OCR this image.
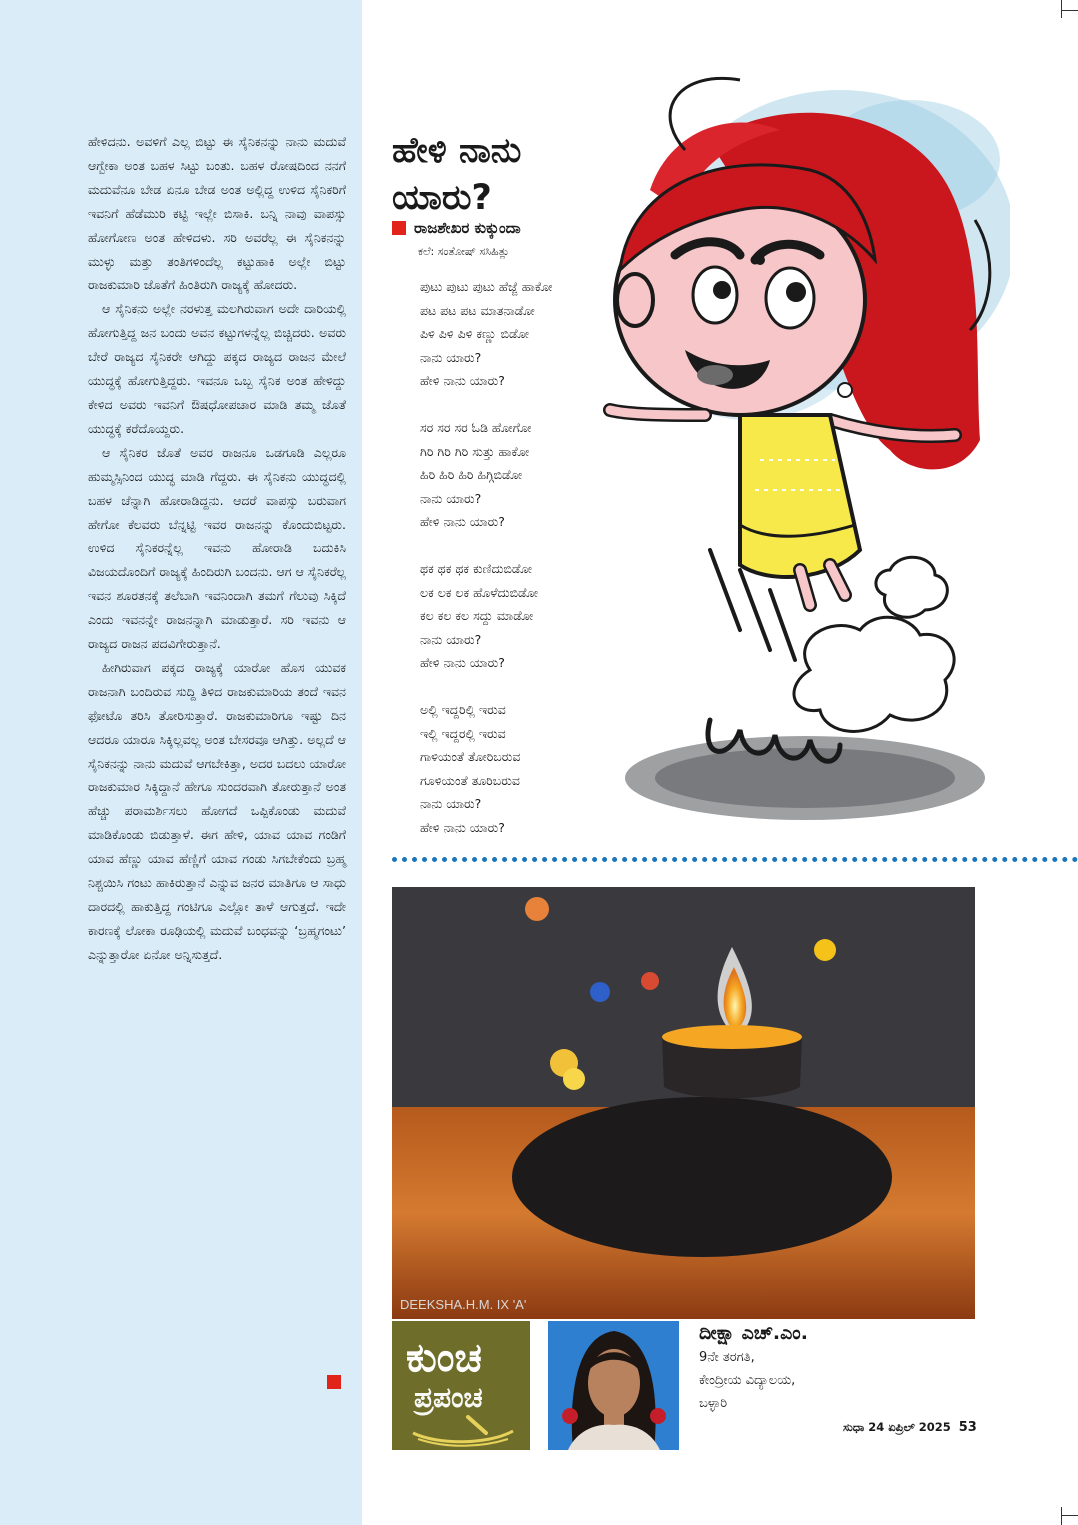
ಹೇಳಿದನು. ಅವಳಿಗೆ ಎಲ್ಲ ಬಿಟ್ಟು ಈ ಸೈನಿಕನನ್ನು ನಾನು ಮದುವೆ ಆಗ್ಬೇಕಾ ಅಂತ ಬಹಳ ಸಿಟ್ಟು ಬಂತು. ಬಹಳ ರೋಷದಿಂದ ನನಗೆ ಮದುವೆನೂ ಬೇಡ ಏನೂ ಬೇಡ ಅಂತ ಅಲ್ಲಿದ್ದ ಉಳಿದ ಸೈನಿಕರಿಗೆ ಇವನಿಗೆ ಹೆಡೆಮುರಿ ಕಟ್ಟಿ ಇಲ್ಲೇ ಬಿಸಾಕಿ. ಬನ್ನಿ ನಾವು ವಾಪಸ್ಸು ಹೋಗೋಣ ಅಂತ ಹೇಳಿದಳು. ಸರಿ ಅವರೆಲ್ಲ ಈ ಸೈನಿಕನನ್ನು ಮುಳ್ಳು ಮತ್ತು ತಂತಿಗಳಿಂದೆಲ್ಲ ಕಟ್ಟುಹಾಕಿ ಅಲ್ಲೇ ಬಿಟ್ಟು ರಾಜಕುಮಾರಿ ಜೊತೆಗೆ ಹಿಂತಿರುಗಿ ರಾಜ್ಯಕ್ಕೆ ಹೋದರು.

ಆ ಸೈನಿಕನು ಅಲ್ಲೇ ನರಳುತ್ತ ಮಲಗಿರುವಾಗ ಅದೇ ದಾರಿಯಲ್ಲಿ ಹೋಗುತ್ತಿದ್ದ ಜನ ಬಂದು ಅವನ ಕಟ್ಟುಗಳನ್ನೆಲ್ಲ ಬಿಚ್ಚಿದರು. ಅವರು ಬೇರೆ ರಾಜ್ಯದ ಸೈನಿಕರೇ ಆಗಿದ್ದು ಪಕ್ಕದ ರಾಜ್ಯದ ರಾಜನ ಮೇಲೆ ಯುದ್ಧಕ್ಕೆ ಹೋಗುತ್ತಿದ್ದರು. ಇವನೂ ಒಬ್ಬ ಸೈನಿಕ ಅಂತ ಹೇಳಿದ್ದು ಕೇಳಿದ ಅವರು ಇವನಿಗೆ ಔಷಧೋಪಚಾರ ಮಾಡಿ ತಮ್ಮ ಜೊತೆ ಯುದ್ಧಕ್ಕೆ ಕರೆದೊಯ್ದರು.

ಆ ಸೈನಿಕರ ಜೊತೆ ಅವರ ರಾಜನೂ ಒಡಗೂಡಿ ಎಲ್ಲರೂ ಹುಮ್ಮಸ್ಸಿನಿಂದ ಯುದ್ಧ ಮಾಡಿ ಗೆದ್ದರು. ಈ ಸೈನಿಕನು ಯುದ್ಧದಲ್ಲಿ ಬಹಳ ಚೆನ್ನಾಗಿ ಹೋರಾಡಿದ್ದನು. ಆದರೆ ವಾಪಸ್ಸು ಬರುವಾಗ ಹೇಗೋ ಕೆಲವರು ಬೆನ್ನಟ್ಟಿ ಇವರ ರಾಜನನ್ನು ಕೊಂದುಬಿಟ್ಟರು. ಉಳಿದ ಸೈನಿಕರನ್ನೆಲ್ಲ ಇವನು ಹೋರಾಡಿ ಬದುಕಿಸಿ ವಿಜಯದೊಂದಿಗೆ ರಾಜ್ಯಕ್ಕೆ ಹಿಂದಿರುಗಿ ಬಂದನು. ಆಗ ಆ ಸೈನಿಕರೆಲ್ಲ ಇವನ ಶೂರತನಕ್ಕೆ ತಲೆಬಾಗಿ ಇವನಿಂದಾಗಿ ತಮಗೆ ಗೆಲುವು ಸಿಕ್ಕಿದೆ ಎಂದು ಇವನನ್ನೇ ರಾಜನನ್ನಾಗಿ ಮಾಡುತ್ತಾರೆ. ಸರಿ ಇವನು ಆ ರಾಜ್ಯದ ರಾಜನ ಪದವಿಗೇರುತ್ತಾನೆ.

ಹೀಗಿರುವಾಗ ಪಕ್ಕದ ರಾಜ್ಯಕ್ಕೆ ಯಾರೋ ಹೊಸ ಯುವಕ ರಾಜನಾಗಿ ಬಂದಿರುವ ಸುದ್ದಿ ತಿಳಿದ ರಾಜಕುಮಾರಿಯ ತಂದೆ ಇವನ ಫೋಟೊ ತರಿಸಿ ತೋರಿಸುತ್ತಾರೆ. ರಾಜಕುಮಾರಿಗೂ ಇಷ್ಟು ದಿನ ಆದರೂ ಯಾರೂ ಸಿಕ್ಕಿಲ್ಲವಲ್ಲ ಅಂತ ಬೇಸರವೂ ಆಗಿತ್ತು. ಅಲ್ಲದೆ ಆ ಸೈನಿಕನನ್ನು ನಾನು ಮದುವೆ ಆಗಬೇಕಿತ್ತಾ, ಅದರ ಬದಲು ಯಾರೋ ರಾಜಕುಮಾರ ಸಿಕ್ಕಿದ್ದಾನೆ ಹೇಗೂ ಸುಂದರವಾಗಿ ತೋರುತ್ತಾನೆ ಅಂತ ಹೆಚ್ಚು ಪರಾಮರ್ಶಿಸಲು ಹೋಗದೆ ಒಪ್ಪಿಕೊಂಡು ಮದುವೆ ಮಾಡಿಕೊಂಡು ಬಿಡುತ್ತಾಳೆ. ಈಗ ಹೇಳಿ, ಯಾವ ಯಾವ ಗಂಡಿಗೆ ಯಾವ ಹೆಣ್ಣು ಯಾವ ಹೆಣ್ಣಿಗೆ ಯಾವ ಗಂಡು ಸಿಗಬೇಕೆಂದು ಬ್ರಹ್ಮ ನಿಶ್ಚಯಿಸಿ ಗಂಟು ಹಾಕಿರುತ್ತಾನೆ ಎನ್ನುವ ಜನರ ಮಾತಿಗೂ ಆ ಸಾಧು ದಾರದಲ್ಲಿ ಹಾಕುತ್ತಿದ್ದ ಗಂಟಿಗೂ ಎಲ್ಲೋ ತಾಳೆ ಆಗುತ್ತದೆ. ಇದೇ ಕಾರಣಕ್ಕೆ ಲೋಕಾ ರೂಢಿಯಲ್ಲಿ ಮದುವೆ ಬಂಧವನ್ನು ‘ಬ್ರಹ್ಮಗಂಟು’ ಎನ್ನುತ್ತಾರೋ ಏನೋ ಅನ್ನಿಸುತ್ತದೆ.

ಹೇಳಿ ನಾನು
ಯಾರು?
ರಾಜಶೇಖರ ಕುಕ್ಕುಂದಾ
ಕಲೆ: ಸಂತೋಷ್ ಸಸಿಹಿತ್ಲು
ಪುಟು ಪುಟು ಪುಟು ಹೆಜ್ಜೆ ಹಾಕೋ
ಪಟ ಪಟ ಪಟ ಮಾತನಾಡೋ
ಪಿಳಿ ಪಿಳಿ ಪಿಳಿ ಕಣ್ಣು ಬಿಡೋ
ನಾನು ಯಾರು?
ಹೇಳಿ ನಾನು ಯಾರು?
ಸರ ಸರ ಸರ ಓಡಿ ಹೋಗೋ
ಗಿರಿ ಗಿರಿ ಗಿರಿ ಸುತ್ತು ಹಾಕೋ
ಹಿರಿ ಹಿರಿ ಹಿರಿ ಹಿಗ್ಗಿಬಿಡೋ
ನಾನು ಯಾರು?
ಹೇಳಿ ನಾನು ಯಾರು?
ಥಕ ಥಕ ಥಕ ಕುಣಿದುಬಿಡೋ
ಲಕ ಲಕ ಲಕ ಹೊಳೆದುಬಿಡೋ
ಕಲ ಕಲ ಕಲ ಸದ್ದು ಮಾಡೋ
ನಾನು ಯಾರು?
ಹೇಳಿ ನಾನು ಯಾರು?
ಅಲ್ಲಿ ಇದ್ದರಿಲ್ಲಿ ಇರುವ
ಇಲ್ಲಿ ಇದ್ದರಲ್ಲಿ ಇರುವ
ಗಾಳಿಯಂತೆ ತೋರಿಬರುವ
ಗೂಳಿಯಂತೆ ತೂರಿಬರುವ
ನಾನು ಯಾರು?
ಹೇಳಿ ನಾನು ಯಾರು?
DEEKSHA.H.M. IX 'A'
ಕುಂಚ
ಪ್ರಪಂಚ
ದೀಕ್ಷಾ ಎಚ್.ಎಂ.
9ನೇ ತರಗತಿ,
ಕೇಂದ್ರೀಯ ವಿದ್ಯಾಲಯ,
ಬಳ್ಳಾರಿ
ಸುಧಾ 24 ಏಪ್ರಿಲ್ 2025 53
